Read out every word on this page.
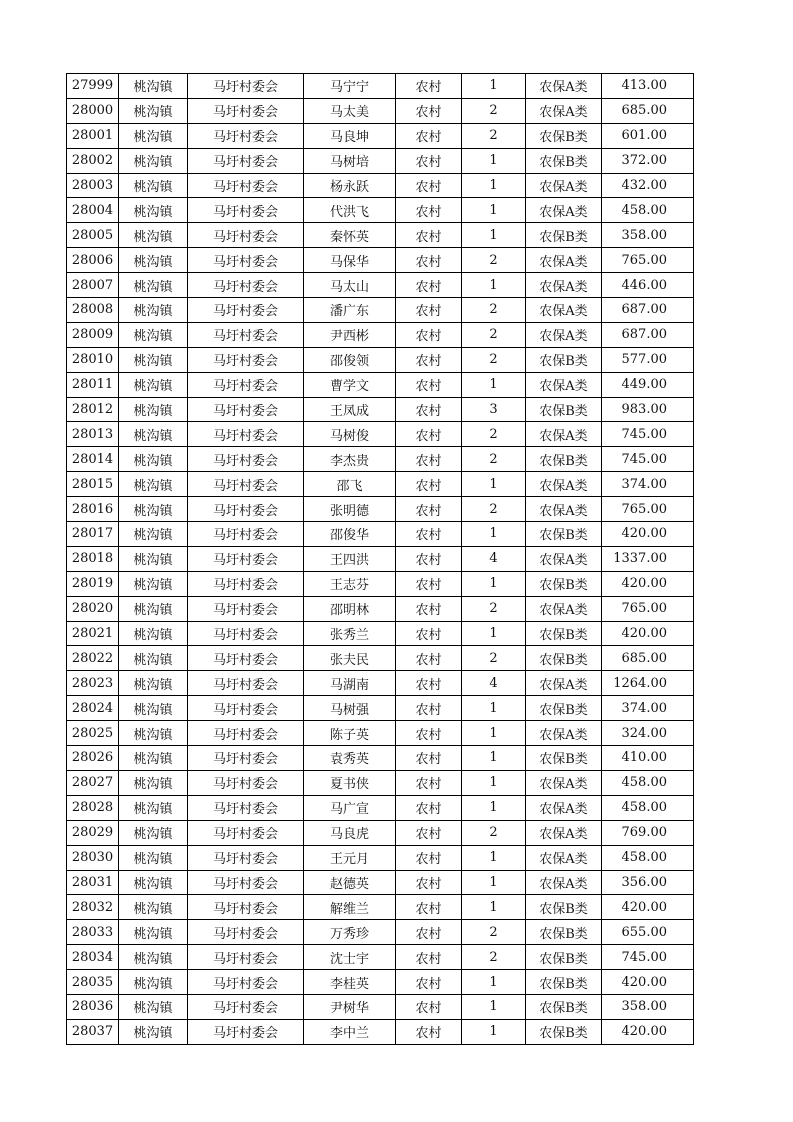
27999	桃沟镇	马圩村委会	马宁宁	农村	1	农保A类	413.00
28000	桃沟镇	马圩村委会	马太美	农村	2	农保A类	685.00
28001	桃沟镇	马圩村委会	马良坤	农村	2	农保B类	601.00
28002	桃沟镇	马圩村委会	马树培	农村	1	农保B类	372.00
28003	桃沟镇	马圩村委会	杨永跃	农村	1	农保A类	432.00
28004	桃沟镇	马圩村委会	代洪飞	农村	1	农保A类	458.00
28005	桃沟镇	马圩村委会	秦怀英	农村	1	农保B类	358.00
28006	桃沟镇	马圩村委会	马保华	农村	2	农保A类	765.00
28007	桃沟镇	马圩村委会	马太山	农村	1	农保A类	446.00
28008	桃沟镇	马圩村委会	潘广东	农村	2	农保A类	687.00
28009	桃沟镇	马圩村委会	尹西彬	农村	2	农保A类	687.00
28010	桃沟镇	马圩村委会	邵俊领	农村	2	农保B类	577.00
28011	桃沟镇	马圩村委会	曹学文	农村	1	农保A类	449.00
28012	桃沟镇	马圩村委会	王凤成	农村	3	农保B类	983.00
28013	桃沟镇	马圩村委会	马树俊	农村	2	农保A类	745.00
28014	桃沟镇	马圩村委会	李杰贵	农村	2	农保B类	745.00
28015	桃沟镇	马圩村委会	邵飞	农村	1	农保A类	374.00
28016	桃沟镇	马圩村委会	张明德	农村	2	农保A类	765.00
28017	桃沟镇	马圩村委会	邵俊华	农村	1	农保B类	420.00
28018	桃沟镇	马圩村委会	王四洪	农村	4	农保A类	1337.00
28019	桃沟镇	马圩村委会	王志芬	农村	1	农保B类	420.00
28020	桃沟镇	马圩村委会	邵明林	农村	2	农保A类	765.00
28021	桃沟镇	马圩村委会	张秀兰	农村	1	农保B类	420.00
28022	桃沟镇	马圩村委会	张夫民	农村	2	农保B类	685.00
28023	桃沟镇	马圩村委会	马湖南	农村	4	农保A类	1264.00
28024	桃沟镇	马圩村委会	马树强	农村	1	农保B类	374.00
28025	桃沟镇	马圩村委会	陈子英	农村	1	农保A类	324.00
28026	桃沟镇	马圩村委会	袁秀英	农村	1	农保B类	410.00
28027	桃沟镇	马圩村委会	夏书侠	农村	1	农保A类	458.00
28028	桃沟镇	马圩村委会	马广宣	农村	1	农保A类	458.00
28029	桃沟镇	马圩村委会	马良虎	农村	2	农保A类	769.00
28030	桃沟镇	马圩村委会	王元月	农村	1	农保A类	458.00
28031	桃沟镇	马圩村委会	赵德英	农村	1	农保A类	356.00
28032	桃沟镇	马圩村委会	解维兰	农村	1	农保B类	420.00
28033	桃沟镇	马圩村委会	万秀珍	农村	2	农保B类	655.00
28034	桃沟镇	马圩村委会	沈士宇	农村	2	农保B类	745.00
28035	桃沟镇	马圩村委会	李桂英	农村	1	农保B类	420.00
28036	桃沟镇	马圩村委会	尹树华	农村	1	农保B类	358.00
28037	桃沟镇	马圩村委会	李中兰	农村	1	农保B类	420.00
